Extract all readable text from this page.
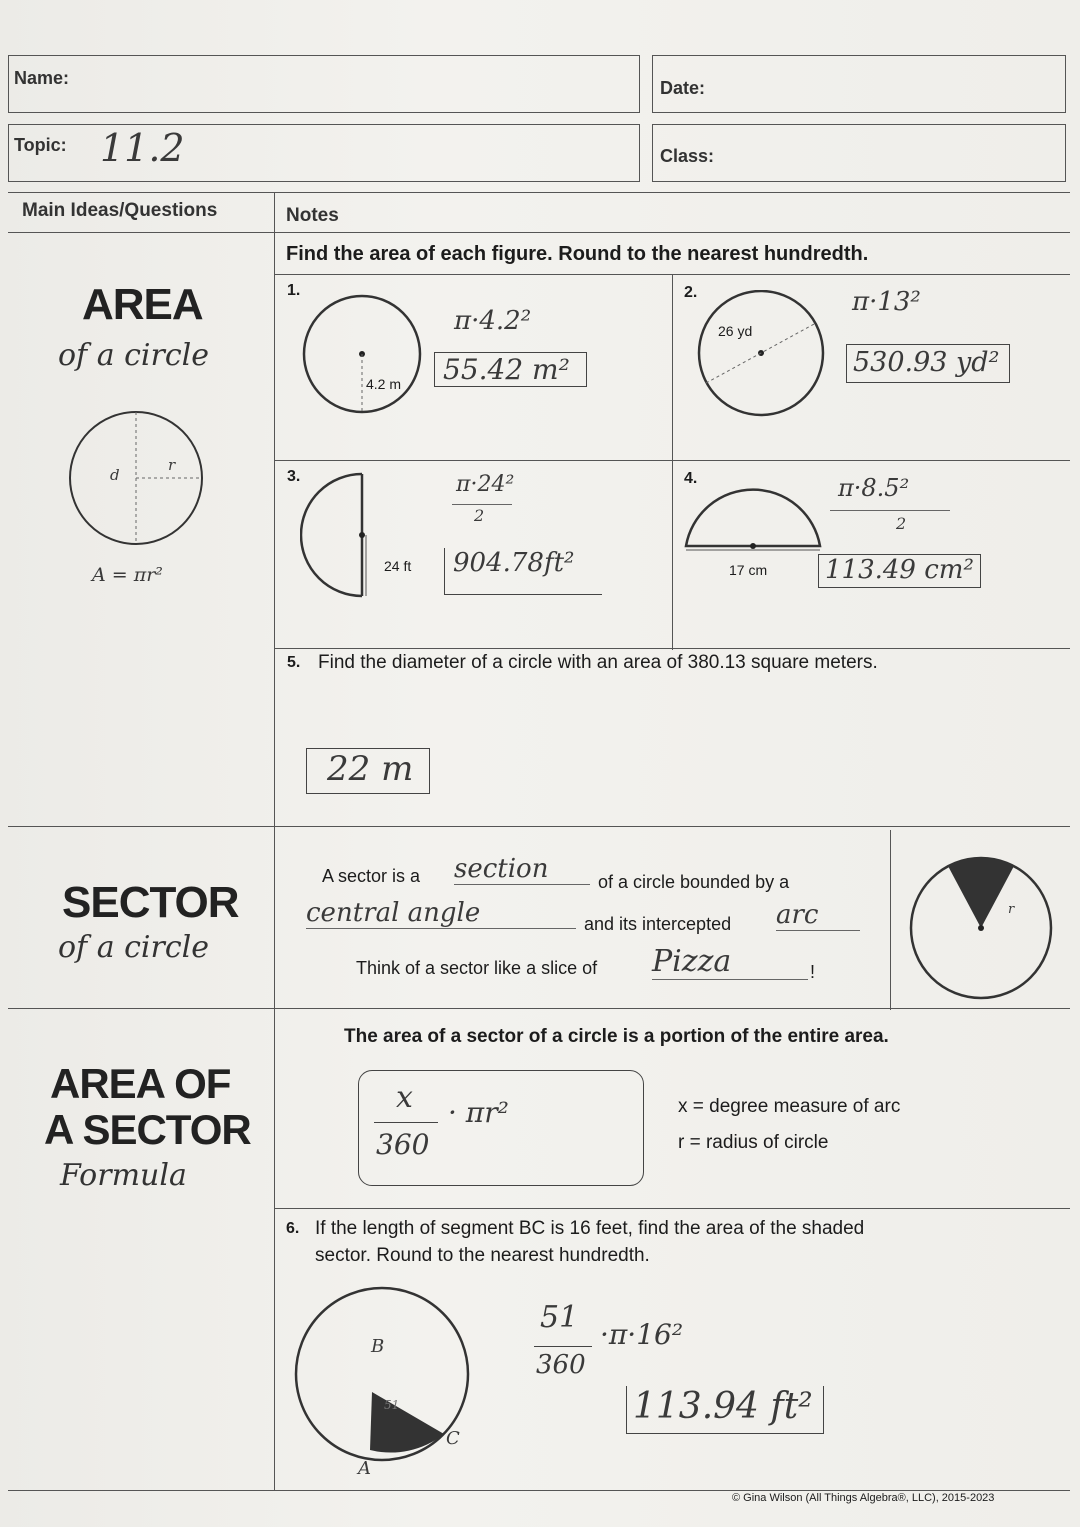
Name:	Date:
Topic: 11.2	Class:
Main Ideas/Questions	Notes
AREA
of a circle
d
r
A = πr²
Find the area of each figure. Round to the nearest hundredth.
1.
4.2 m
π·4.2²
55.42 m²
2.
26 yd
π·13²
530.93 yd²
3.
24 ft
π·24²
2
904.78ft²
4.
17 cm
π·8.5²
2
113.49 cm²
5. Find the diameter of a circle with an area of 380.13 square meters.
22 m
SECTOR
of a circle
A sector is a section	of a circle bounded by a
central angle	and its intercepted arc
Think of a sector like a slice of Pizza	!
r
AREA OF
A SECTOR
Formula
The area of a sector of a circle is a portion of the entire area.
x
360
· πr²	x = degree measure of arc
r = radius of circle
6. If the length of segment BC is 16 feet, find the area of the shaded
sector. Round to the nearest hundredth.
51
B
C
A
51
360
·π·16²
113.94 ft²
© Gina Wilson (All Things Algebra®, LLC), 2015-2023
